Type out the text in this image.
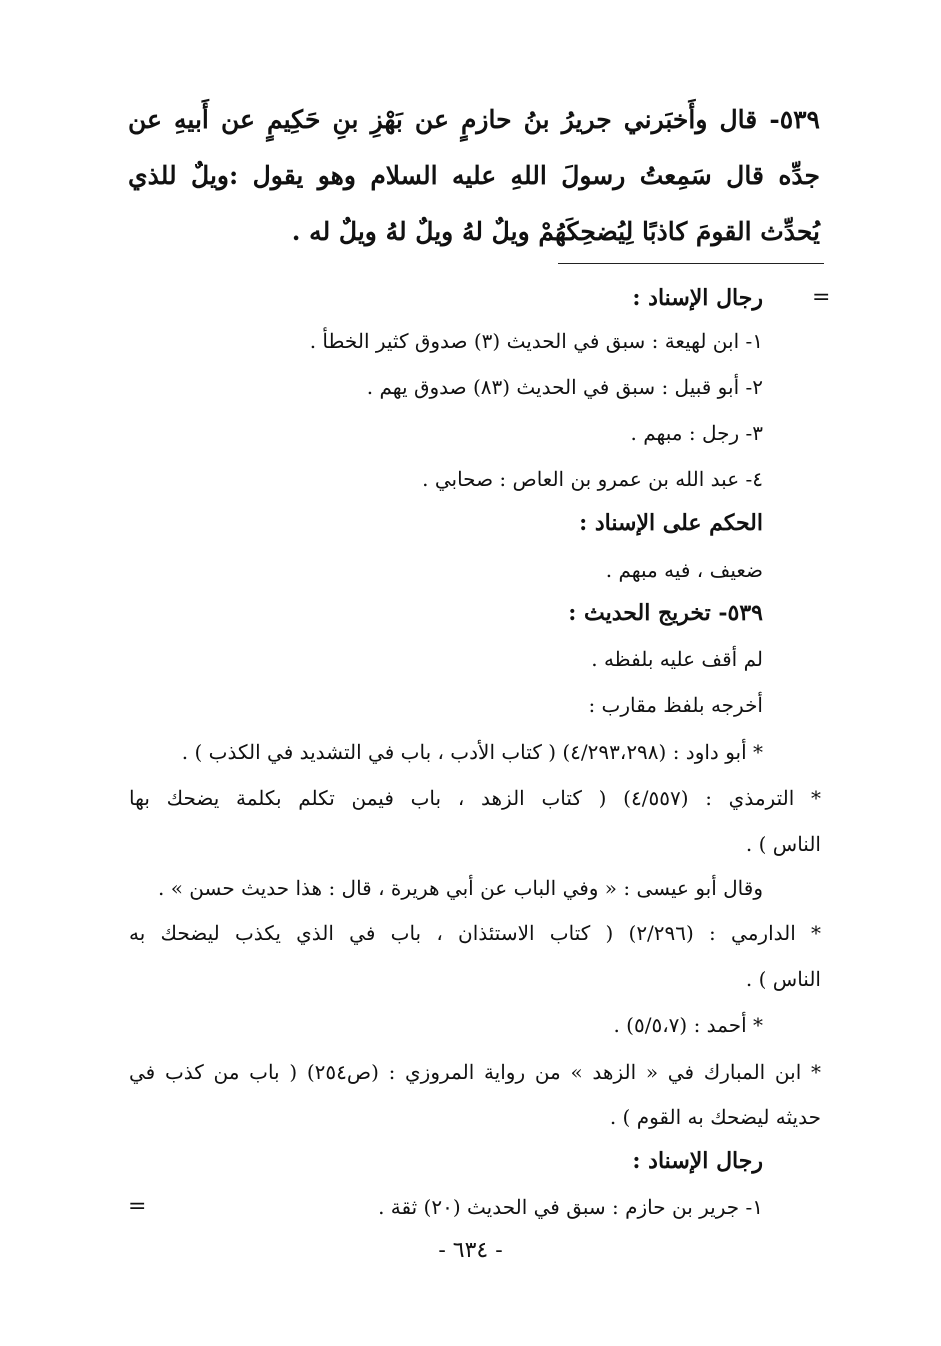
٥٣٩- قال وأَخبَرني جريرُ بنُ حازمٍ عن بَهْزِ بنِ حَكِيمٍ عن أَبيهِ عن جدِّه قال سَمِعتُ رسولَ اللهِ عليه السلام وهو يقول :ويلٌ للذي يُحدِّث القومَ كاذبًا لِيُضحِكَهُمْ ويلٌ لهُ ويلٌ لهُ ويلٌ له .
=
رجال الإسناد :
١- ابن لهيعة : سبق في الحديث (٣) صدوق كثير الخطأ .
٢- أبو قبيل : سبق في الحديث (٨٣) صدوق يهم .
٣- رجل : مبهم .
٤- عبد الله بن عمرو بن العاص : صحابي .
الحكم على الإسناد :
ضعيف ، فيه مبهم .
٥٣٩- تخريج الحديث :
لم أقف عليه بلفظه .
أخرجه بلفظ مقارب :
* أبو داود : (٤/٢٩٣،٢٩٨) ( كتاب الأدب ، باب في التشديد في الكذب ) .
* الترمذي : (٤/٥٥٧) ( كتاب الزهد ، باب فيمن تكلم بكلمة يضحك بها
الناس ) .
وقال أبو عيسى : « وفي الباب عن أبي هريرة ، قال : هذا حديث حسن » .
* الدارمي : (٢/٢٩٦) ( كتاب الاستئذان ، باب في الذي يكذب ليضحك به
الناس ) .
* أحمد : (٥/٥،٧) .
* ابن المبارك في « الزهد » من رواية المروزي : (ص٢٥٤) ( باب من كذب في
حديثه ليضحك به القوم ) .
رجال الإسناد :
١- جرير بن حازم : سبق في الحديث (٢٠) ثقة .
=
- ٦٣٤ -
